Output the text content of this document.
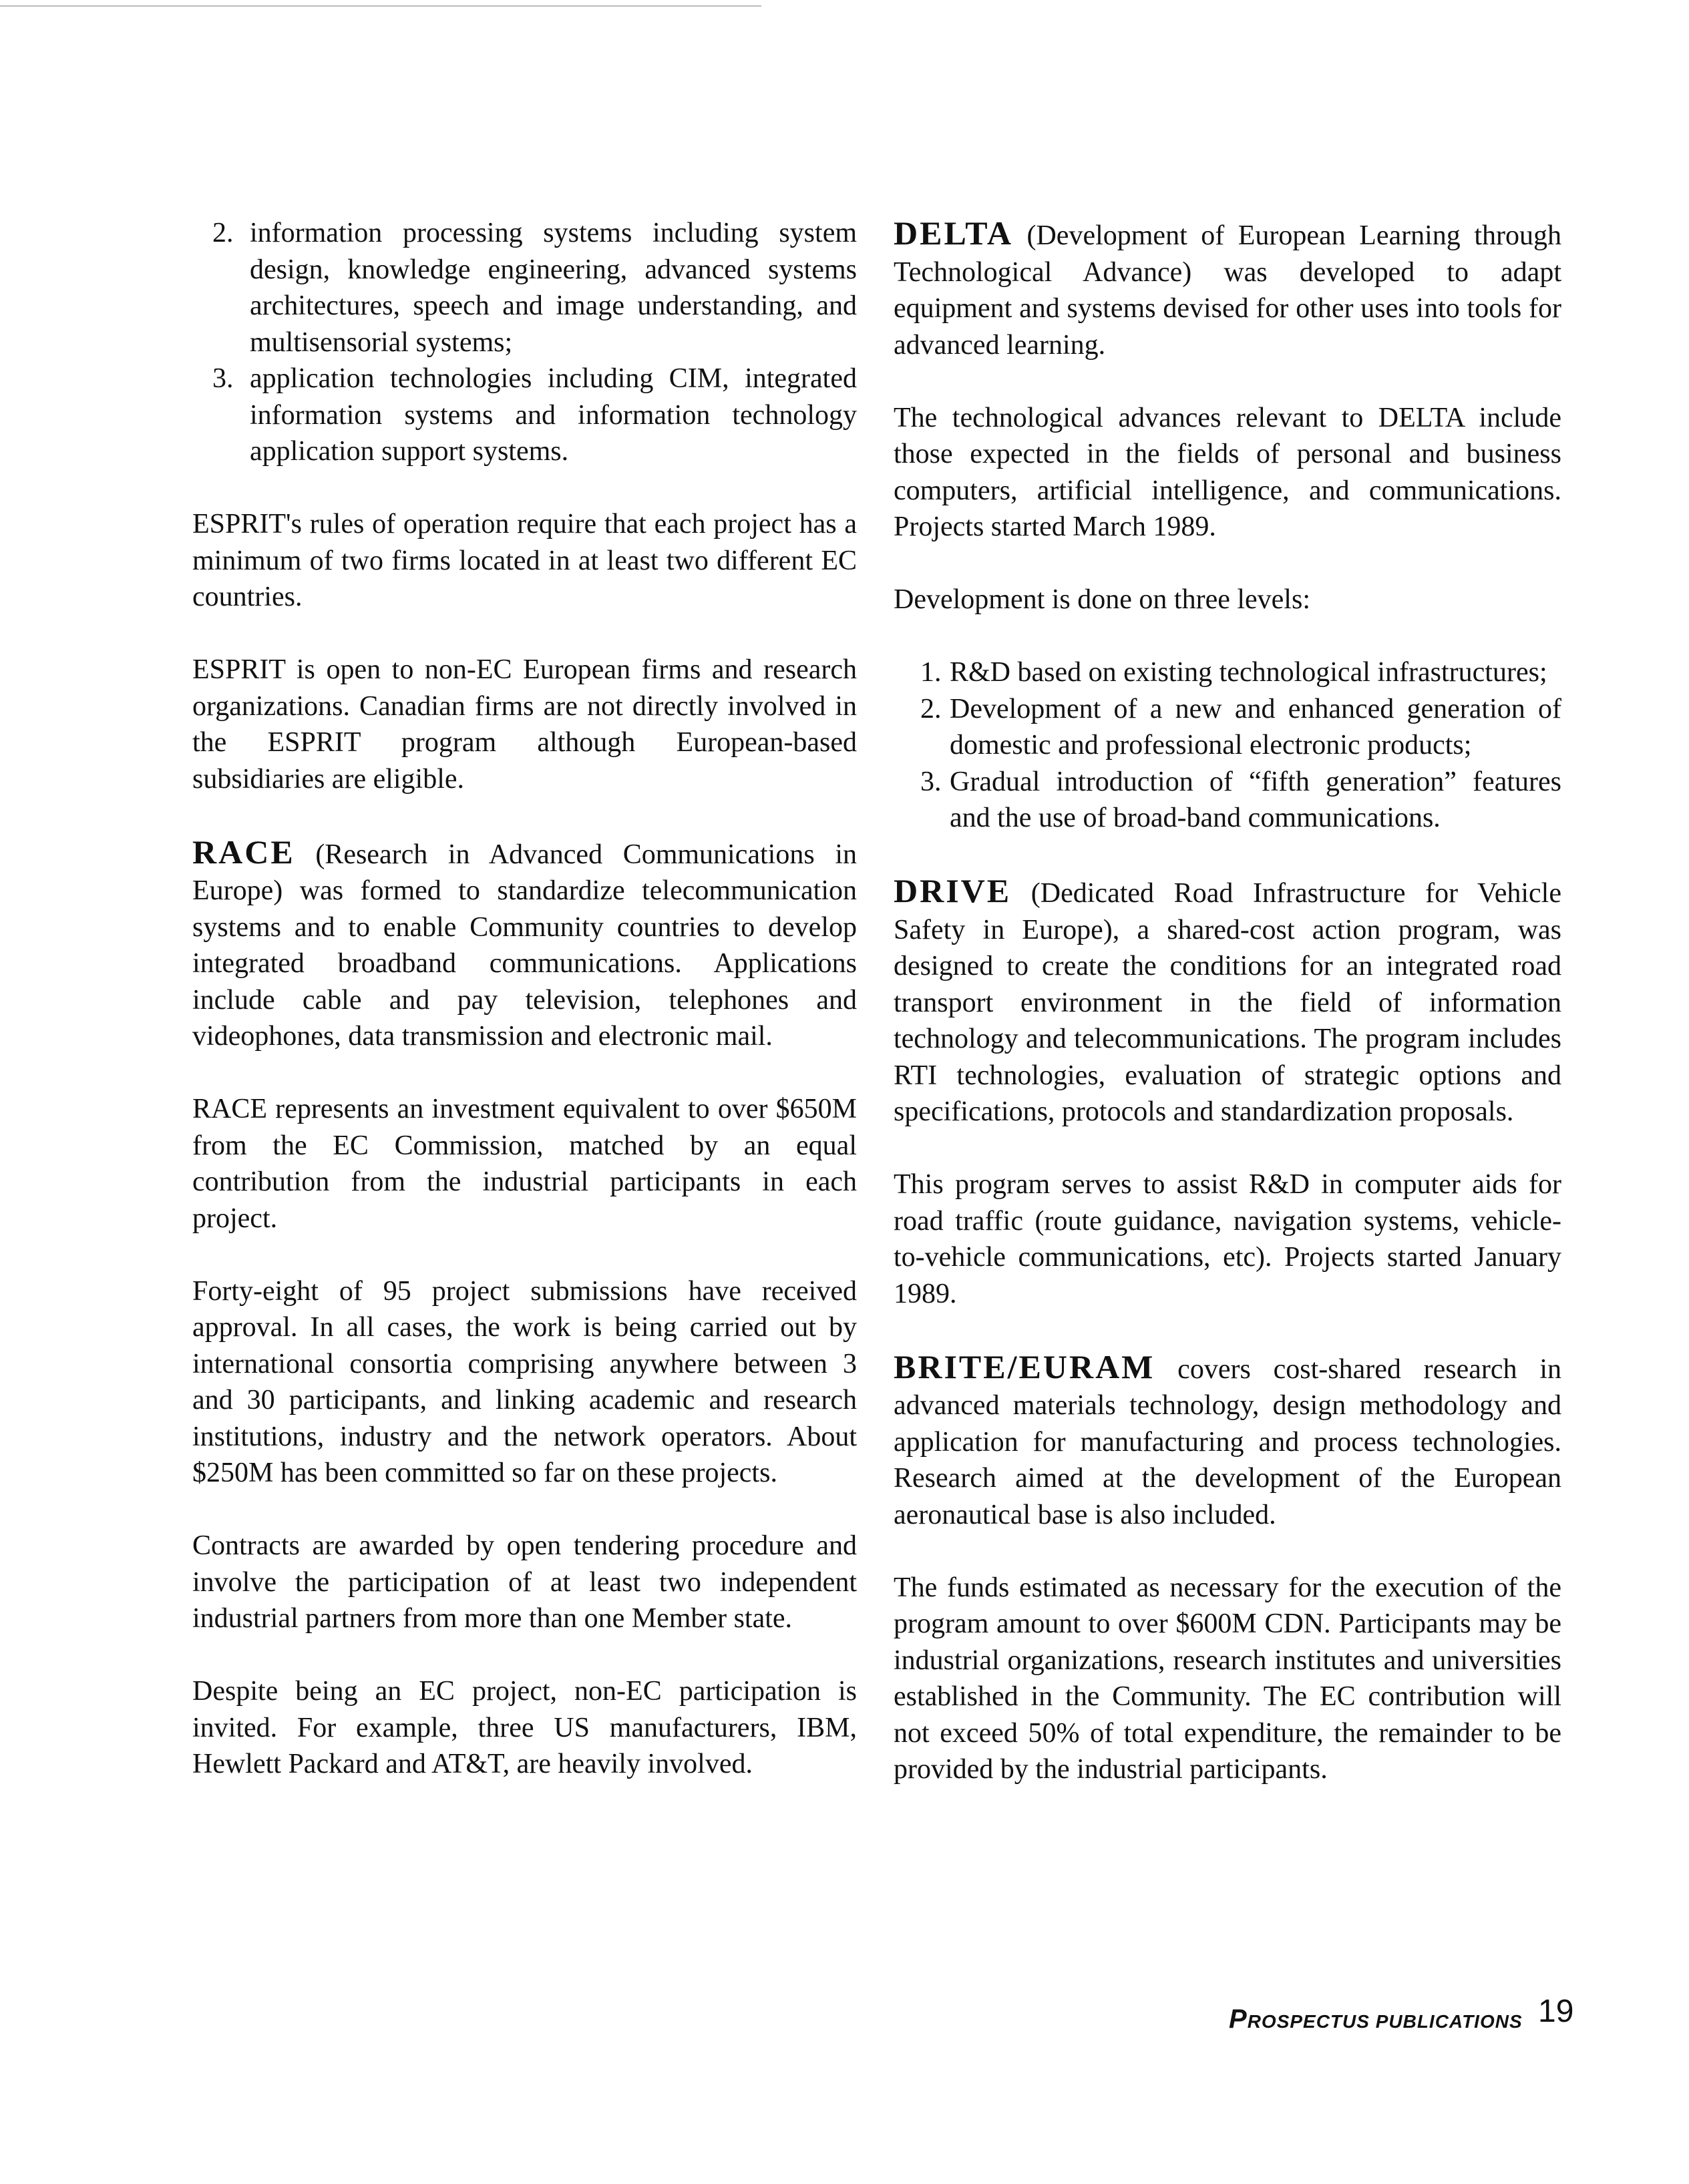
2. information processing systems including system design, knowledge engineering, advanced systems architectures, speech and image understanding, and multisensorial systems;
3. application technologies including CIM, integrated information systems and information technology application support systems.

ESPRIT's rules of operation require that each project has a minimum of two firms located in at least two different EC countries.

ESPRIT is open to non-EC European firms and research organizations. Canadian firms are not directly involved in the ESPRIT program although European-based subsidiaries are eligible.

RACE (Research in Advanced Communications in Europe) was formed to standardize telecommunication systems and to enable Community countries to develop integrated broadband communications. Applications include cable and pay television, telephones and videophones, data transmission and electronic mail.

RACE represents an investment equivalent to over $650M from the EC Commission, matched by an equal contribution from the industrial participants in each project.

Forty-eight of 95 project submissions have received approval. In all cases, the work is being carried out by international consortia comprising anywhere between 3 and 30 participants, and linking academic and research institutions, industry and the network operators. About $250M has been committed so far on these projects.

Contracts are awarded by open tendering procedure and involve the participation of at least two independent industrial partners from more than one Member state.

Despite being an EC project, non-EC participation is invited. For example, three US manufacturers, IBM, Hewlett Packard and AT&T, are heavily involved.

DELTA (Development of European Learning through Technological Advance) was developed to adapt equipment and systems devised for other uses into tools for advanced learning.

The technological advances relevant to DELTA include those expected in the fields of personal and business computers, artificial intelligence, and communications. Projects started March 1989.

Development is done on three levels:

1. R&D based on existing technological infrastructures;
2. Development of a new and enhanced generation of domestic and professional electronic products;
3. Gradual introduction of “fifth generation” features and the use of broad-band communications.

DRIVE (Dedicated Road Infrastructure for Vehicle Safety in Europe), a shared-cost action program, was designed to create the conditions for an integrated road transport environment in the field of information technology and telecommunications. The program includes RTI technologies, evaluation of strategic options and specifications, protocols and standardization proposals.

This program serves to assist R&D in computer aids for road traffic (route guidance, navigation systems, vehicle-to-vehicle communications, etc). Projects started January 1989.

BRITE/EURAM covers cost-shared research in advanced materials technology, design methodology and application for manufacturing and process technologies. Research aimed at the development of the European aeronautical base is also included.

The funds estimated as necessary for the execution of the program amount to over $600M CDN. Participants may be industrial organizations, research institutes and universities established in the Community. The EC contribution will not exceed 50% of total expenditure, the remainder to be provided by the industrial participants.

PROSPECTUS PUBLICATIONS 19
